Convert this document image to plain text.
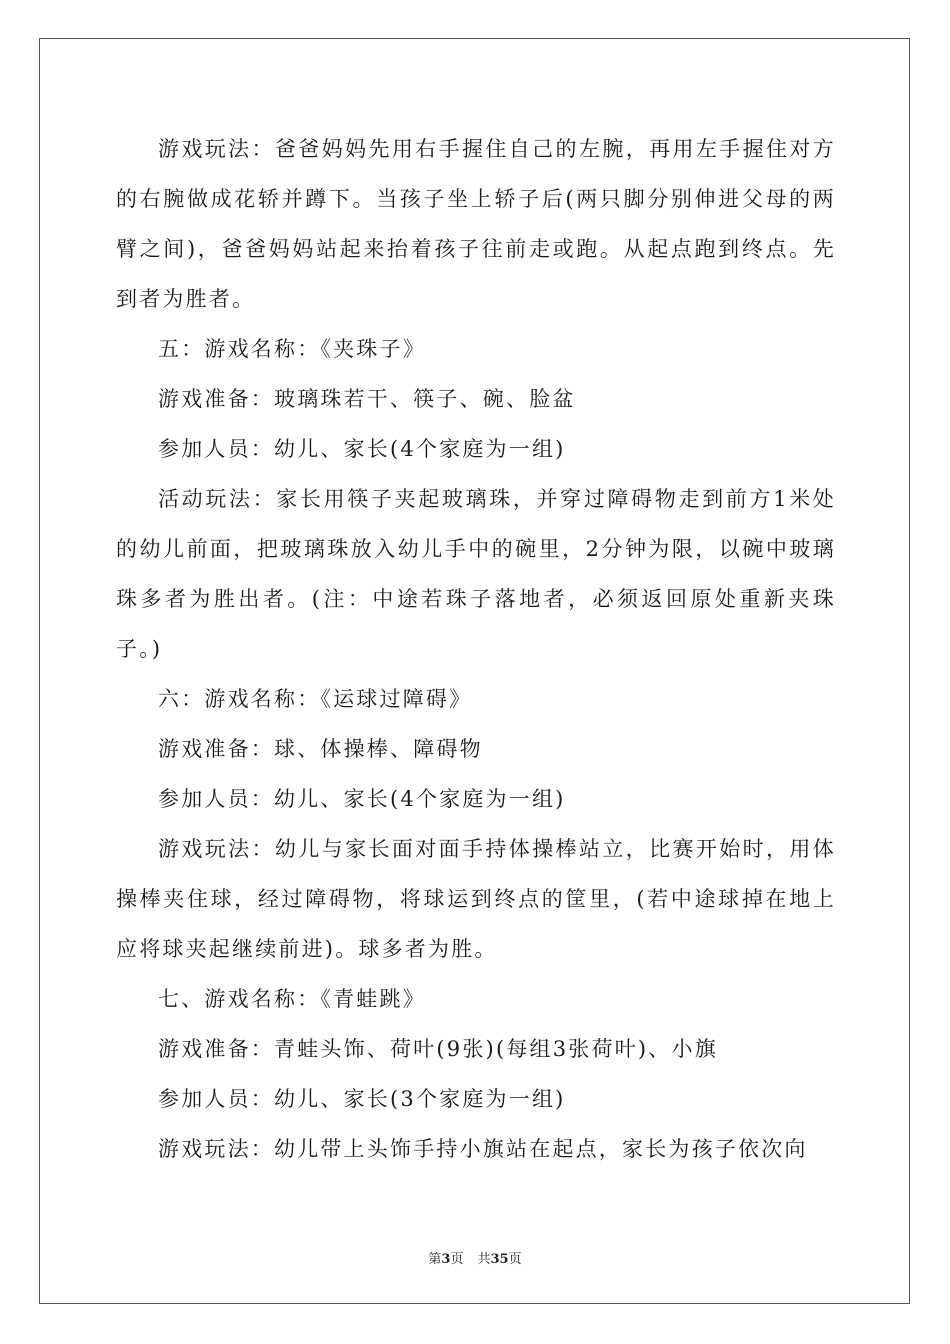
游戏玩法：爸爸妈妈先用右手握住自己的左腕，再用左手握住对方的右腕做成花轿并蹲下。当孩子坐上轿子后(两只脚分别伸进父母的两臂之间)，爸爸妈妈站起来抬着孩子往前走或跑。从起点跑到终点。先到者为胜者。

五：游戏名称：《夹珠子》

游戏准备：玻璃珠若干、筷子、碗、脸盆

参加人员：幼儿、家长(4个家庭为一组)

活动玩法：家长用筷子夹起玻璃珠，并穿过障碍物走到前方1米处的幼儿前面，把玻璃珠放入幼儿手中的碗里，2分钟为限，以碗中玻璃珠多者为胜出者。(注：中途若珠子落地者，必须返回原处重新夹珠子。)

六：游戏名称：《运球过障碍》

游戏准备：球、体操棒、障碍物

参加人员：幼儿、家长(4个家庭为一组)

游戏玩法：幼儿与家长面对面手持体操棒站立，比赛开始时，用体操棒夹住球，经过障碍物，将球运到终点的筐里，(若中途球掉在地上应将球夹起继续前进)。球多者为胜。

七、游戏名称：《青蛙跳》

游戏准备：青蛙头饰、荷叶(9张)(每组3张荷叶)、小旗

参加人员：幼儿、家长(3个家庭为一组)

游戏玩法：幼儿带上头饰手持小旗站在起点，家长为孩子依次向

第3页 共35页
